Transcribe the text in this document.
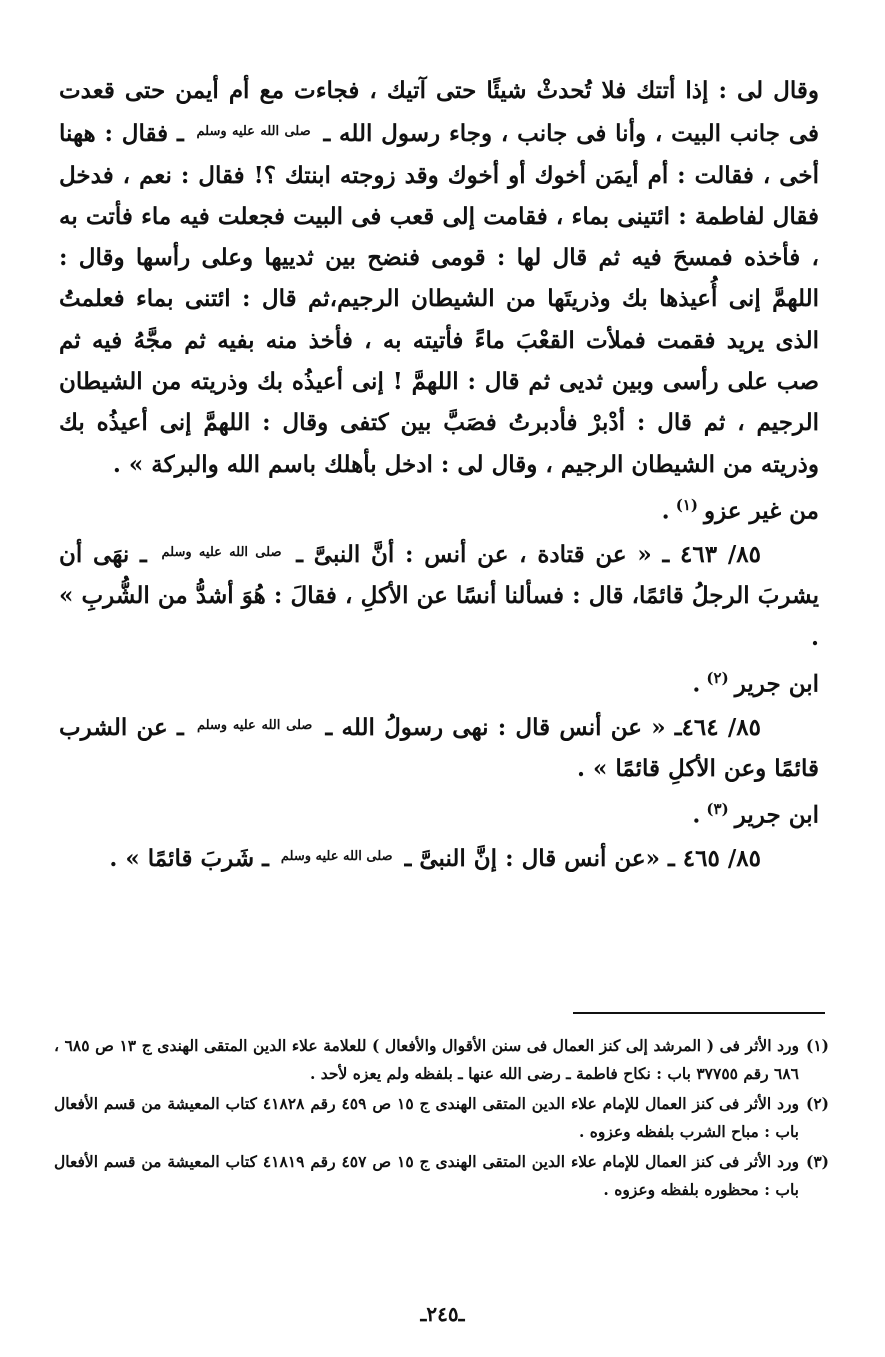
وقال لى : إذا أتتك فلا تُحدثْ شيئًا حتى آتيك ، فجاءت مع أم أيمن حتى قعدت فى جانب البيت ، وأنا فى جانب ، وجاء رسول الله ـ $^{صلى الله عليه وسلم}$ ـ فقال : ههنا أخى ، فقالت : أم أيمَن أخوك أو أخوك وقد زوجته ابنتك ؟! فقال : نعم ، فدخل فقال لفاطمة : ائتينى بماء ، فقامت إلى قعب فى البيت فجعلت فيه ماء فأتت به ، فأخذه فمسحَ فيه ثم قال لها : قومى فنضح بين ثدييها وعلى رأسها وقال : اللهمَّ إنى أُعيذها بك وذريتَها من الشيطان الرجيم،ثم قال : ائتنى بماء فعلمتُ الذى يريد فقمت فملأت القعْبَ ماءً فأتيته به ، فأخذ منه بفيه ثم مجَّهُ فيه ثم صب على رأسى وبين ثديى ثم قال : اللهمَّ ! إنى أعيذُه بك وذريته من الشيطان الرجيم ، ثم قال : أدْبرْ فأدبرتُ فصَبَّ بين كتفى وقال : اللهمَّ إنى أعيذُه بك وذريته من الشيطان الرجيم ، وقال لى : ادخل بأهلك باسم الله والبركة » .

من غير عزو$^{(١)}$.

٨٥/ ٤٦٣ ـ « عن قتادة ، عن أنس : أنَّ النبىَّ ـ $^{صلى الله عليه وسلم}$ ـ نهَى أن يشربَ الرجلُ قائمًا، قال : فسألنا أنسًا عن الأكلِ ، فقالَ : هُوَ أشدُّ من الشُّربِ » .

ابن جرير$^{(٢)}$.

٨٥/ ٤٦٤ـ « عن أنس قال : نهى رسولُ الله ـ $^{صلى الله عليه وسلم}$ ـ عن الشرب قائمًا وعن الأكلِ قائمًا » .

ابن جرير$^{(٣)}$.

٨٥/ ٤٦٥ ـ «عن أنس قال : إنَّ النبىَّ ـ $^{صلى الله عليه وسلم}$ ـ شَربَ قائمًا » .

(١)ورد الأثر فى ( المرشد إلى كنز العمال فى سنن الأقوال والأفعال ) للعلامة علاء الدين المتقى الهندى ج ١٣ ص ٦٨٥ ، ٦٨٦ رقم ٣٧٧٥٥ باب : نكاح فاطمة ـ رضى الله عنها ـ بلفظه ولم يعزه لأحد .

(٢)ورد الأثر فى كنز العمال للإمام علاء الدين المتقى الهندى ج ١٥ ص ٤٥٩ رقم ٤١٨٢٨ كتاب المعيشة من قسم الأفعال باب : مباح الشرب بلفظه وعزوه .

(٣)ورد الأثر فى كنز العمال للإمام علاء الدين المتقى الهندى ج ١٥ ص ٤٥٧ رقم ٤١٨١٩ كتاب المعيشة من قسم الأفعال باب : محظوره بلفظه وعزوه .

ـ٢٤٥ـ
